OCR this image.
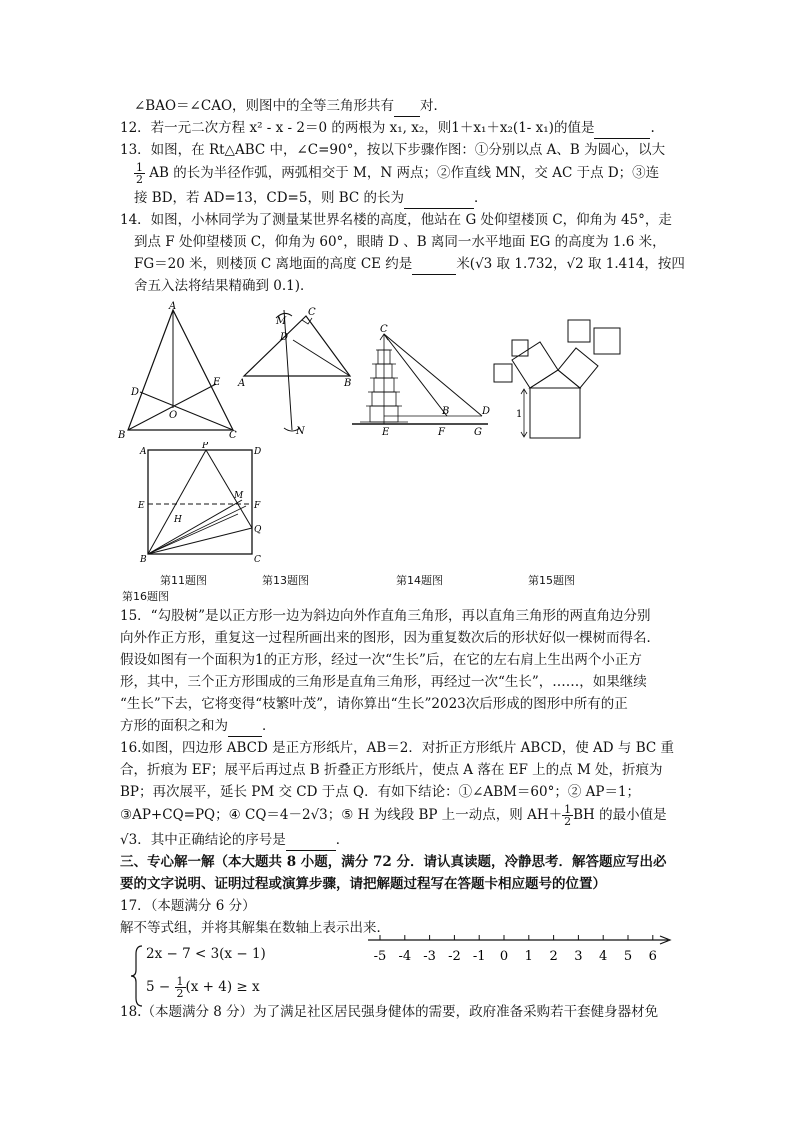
∠BAO＝∠CAO，则图中的全等三角形共有 对．
12．若一元二次方程 x² - x - 2＝0 的两根为 x₁, x₂，则1＋x₁＋x₂(1- x₁)的值是	.
13．如图，在 Rt△ABC 中，∠C=90°，按以下步骤作图：①分别以点 A、B 为圆心，以大
$\frac{1}{2}$ AB 的长为半径作弧，两弧相交于 M，N 两点；②作直线 MN，交 AC 于点 D；③连
接 BD，若 AD=13，CD=5，则 BC 的长为	．
14．如图，小林同学为了测量某世界名楼的高度，他站在 G 处仰望楼顶 C，仰角为 45°，走
到点 F 处仰望楼顶 C，仰角为 60°，眼睛 D 、B 离同一水平地面 EG 的高度为 1.6 米，
FG＝20 米，则楼顶 C 离地面的高度 CE 约是	米(√3 取 1.732，√2 取 1.414，按四
舍五入法将结果精确到 0.1)．
A
B	C
D
E
O
A	B
C
D
M
N
C
B	D
E	F	G
1
A
P
D
E	F
M
H
Q
B	C
第11题图	第13题图	第14题图	第15题图
第16题图
15．“勾股树”是以正方形一边为斜边向外作直角三角形，再以直角三角形的两直角边分别
向外作正方形，重复这一过程所画出来的图形，因为重复数次后的形状好似一棵树而得名．
假设如图有一个面积为1的正方形，经过一次“生长”后，在它的左右肩上生出两个小正方
形，其中，三个正方形围成的三角形是直角三角形，再经过一次“生长”，……，如果继续
“生长”下去，它将变得“枝繁叶茂”，请你算出“生长”2023次后形成的图形中所有的正
方形的面积之和为	．
16.如图，四边形 ABCD 是正方形纸片，AB＝2．对折正方形纸片 ABCD，使 AD 与 BC 重
合，折痕为 EF；展平后再过点 B 折叠正方形纸片，使点 A 落在 EF 上的点 M 处，折痕为
BP；再次展平，延长 PM 交 CD 于点 Q．有如下结论：①∠ABM＝60°；② AP＝1；
③AP+CQ=PQ；④ CQ＝4－2√3；⑤ H 为线段 BP 上一动点，则 $AH+ \frac{1}{2}$ BH 的最小值是
√3．其中正确结论的序号是	．
三、专心解一解（本大题共 8 小题，满分 72 分．请认真读题，冷静思考．解答题应写出必
要的文字说明、证明过程或演算步骤，请把解题过程写在答题卡相应题号的位置）
17．（本题满分 6 分）
解不等式组，并将其解集在数轴上表示出来．
2x − 7 < 3(x − 1)
$5 - \frac{1}{2} (x + 4) \ge x$
-5 -4 -3 -2 -1 0 1 2 3 4 5 6
18.（本题满分 8 分）为了满足社区居民强身健体的需要，政府准备采购若干套健身器材免
